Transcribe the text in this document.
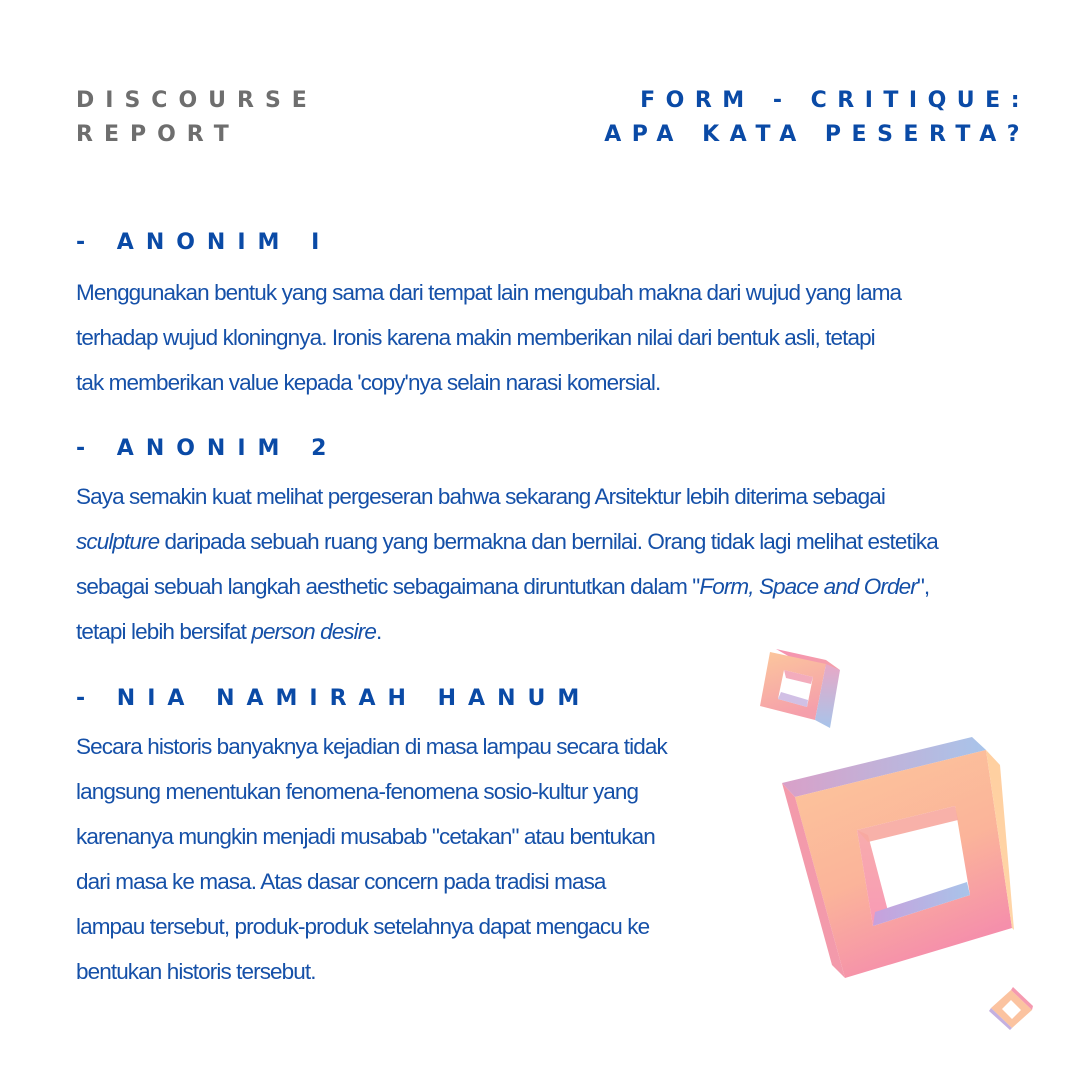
DISCOURSE
REPORT
FORM - CRITIQUE:
APA KATA PESERTA?
- ANONIM I
Menggunakan bentuk yang sama dari tempat lain mengubah makna dari wujud yang lama
terhadap wujud kloningnya. Ironis karena makin memberikan nilai dari bentuk asli, tetapi
tak memberikan value kepada 'copy'nya selain narasi komersial.
- ANONIM 2
Saya semakin kuat melihat pergeseran bahwa sekarang Arsitektur lebih diterima sebagai
sculpture daripada sebuah ruang yang bermakna dan bernilai. Orang tidak lagi melihat estetika
sebagai sebuah langkah aesthetic sebagaimana diruntutkan dalam "Form, Space and Order",
tetapi lebih bersifat person desire.
- NIA NAMIRAH HANUM
Secara historis banyaknya kejadian di masa lampau secara tidak
langsung menentukan fenomena-fenomena sosio-kultur yang
karenanya mungkin menjadi musabab "cetakan" atau bentukan
dari masa ke masa. Atas dasar concern pada tradisi masa
lampau tersebut, produk-produk setelahnya dapat mengacu ke
bentukan historis tersebut.
